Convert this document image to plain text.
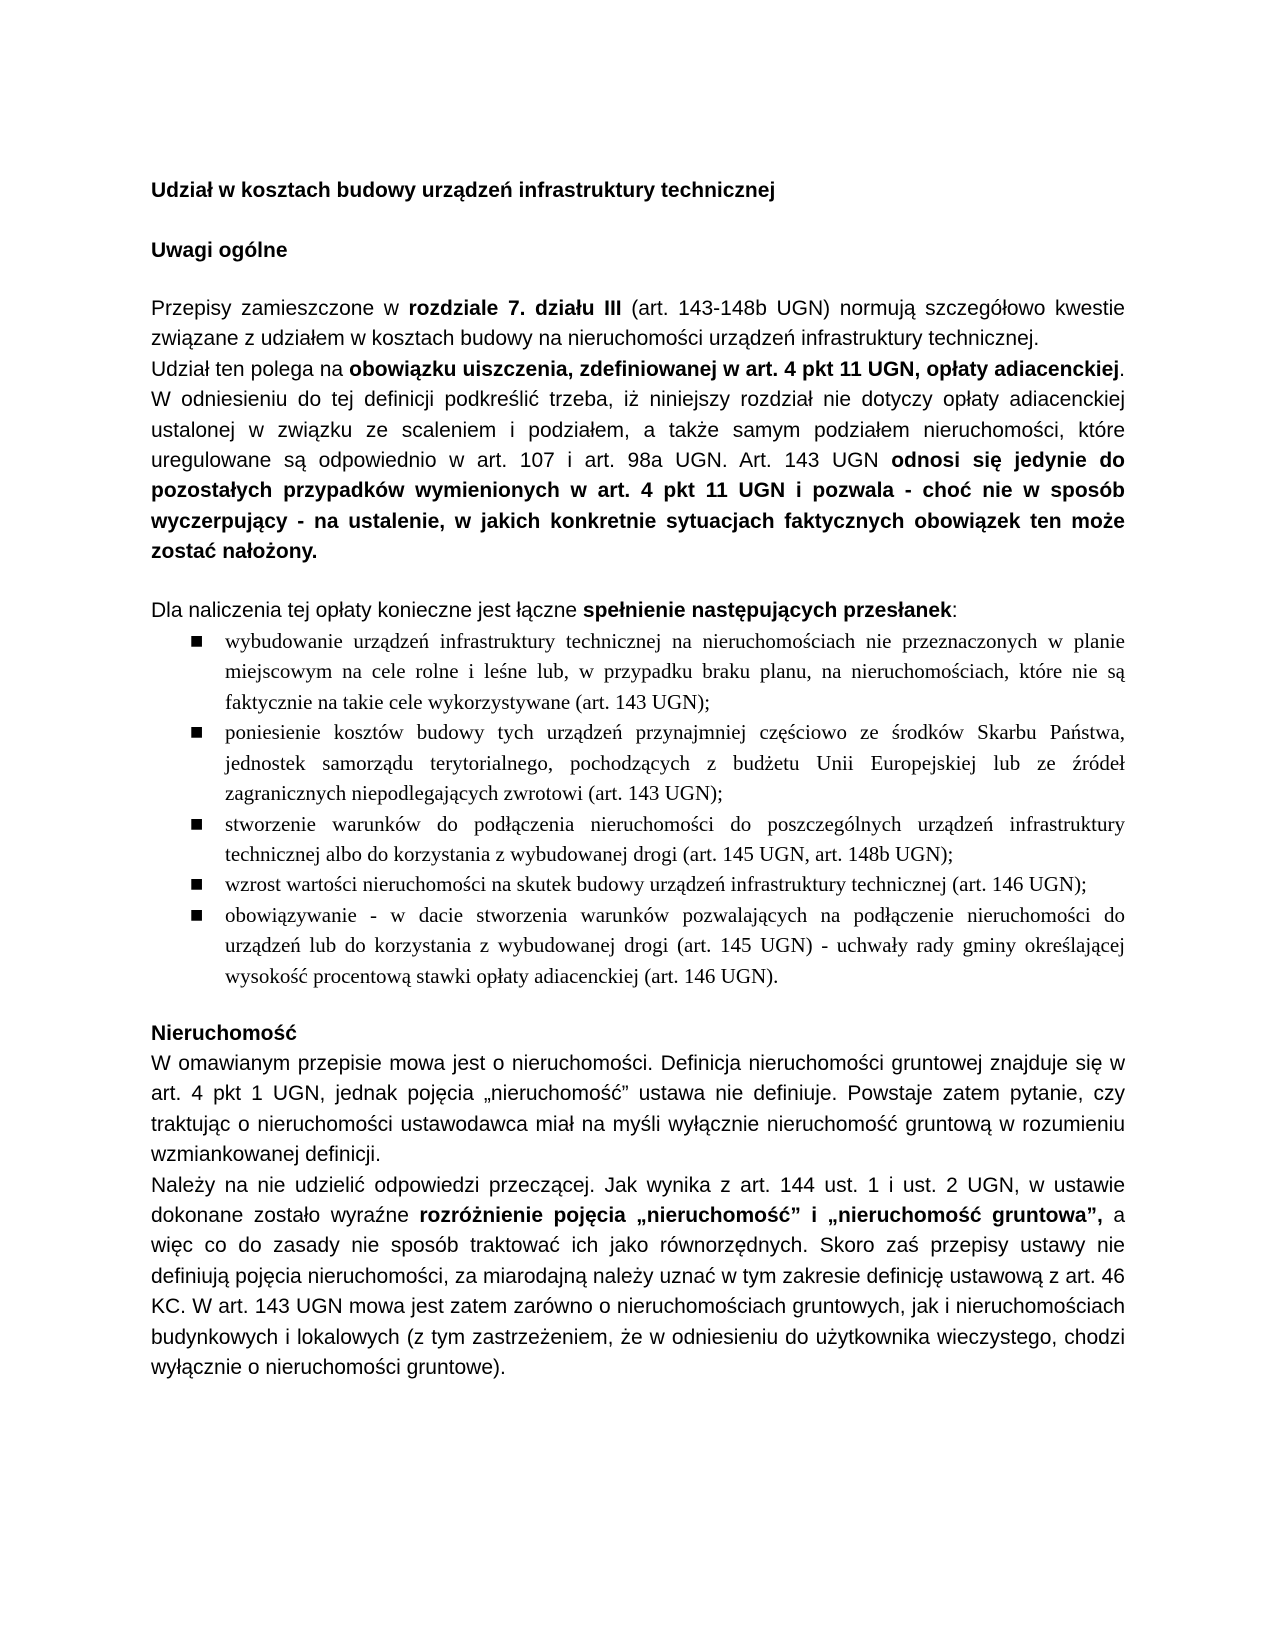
Udział w kosztach budowy urządzeń infrastruktury technicznej
Uwagi ogólne

Przepisy zamieszczone w rozdziale 7. działu III (art. 143-148b UGN) normują szczegółowo kwestie związane z udziałem w kosztach budowy na nieruchomości urządzeń infrastruktury technicznej.

Udział ten polega na obowiązku uiszczenia, zdefiniowanej w art. 4 pkt 11 UGN, opłaty adiacenckiej. W odniesieniu do tej definicji podkreślić trzeba, iż niniejszy rozdział nie dotyczy opłaty adiacenckiej ustalonej w związku ze scaleniem i podziałem, a także samym podziałem nieruchomości, które uregulowane są odpowiednio w art. 107 i art. 98a UGN. Art. 143 UGN odnosi się jedynie do pozostałych przypadków wymienionych w art. 4 pkt 11 UGN i pozwala - choć nie w sposób wyczerpujący - na ustalenie, w jakich konkretnie sytuacjach faktycznych obowiązek ten może zostać nałożony.

Dla naliczenia tej opłaty konieczne jest łączne spełnienie następujących przesłanek:

■ wybudowanie urządzeń infrastruktury technicznej na nieruchomościach nie przeznaczonych w planie miejscowym na cele rolne i leśne lub, w przypadku braku planu, na nieruchomościach, które nie są faktycznie na takie cele wykorzystywane (art. 143 UGN);
■ poniesienie kosztów budowy tych urządzeń przynajmniej częściowo ze środków Skarbu Państwa, jednostek samorządu terytorialnego, pochodzących z budżetu Unii Europejskiej lub ze źródeł zagranicznych niepodlegających zwrotowi (art. 143 UGN);
■ stworzenie warunków do podłączenia nieruchomości do poszczególnych urządzeń infrastruktury technicznej albo do korzystania z wybudowanej drogi (art. 145 UGN, art. 148b UGN);
■ wzrost wartości nieruchomości na skutek budowy urządzeń infrastruktury technicznej (art. 146 UGN);
■ obowiązywanie - w dacie stworzenia warunków pozwalających na podłączenie nieruchomości do urządzeń lub do korzystania z wybudowanej drogi (art. 145 UGN) - uchwały rady gminy określającej wysokość procentową stawki opłaty adiacenckiej (art. 146 UGN).
Nieruchomość

W omawianym przepisie mowa jest o nieruchomości. Definicja nieruchomości gruntowej znajduje się w art. 4 pkt 1 UGN, jednak pojęcia „nieruchomość” ustawa nie definiuje. Powstaje zatem pytanie, czy traktując o nieruchomości ustawodawca miał na myśli wyłącznie nieruchomość gruntową w rozumieniu wzmiankowanej definicji.

Należy na nie udzielić odpowiedzi przeczącej. Jak wynika z art. 144 ust. 1 i ust. 2 UGN, w ustawie dokonane zostało wyraźne rozróżnienie pojęcia „nieruchomość” i „nieruchomość gruntowa”, a więc co do zasady nie sposób traktować ich jako równorzędnych. Skoro zaś przepisy ustawy nie definiują pojęcia nieruchomości, za miarodajną należy uznać w tym zakresie definicję ustawową z art. 46 KC. W art. 143 UGN mowa jest zatem zarówno o nieruchomościach gruntowych, jak i nieruchomościach budynkowych i lokalowych (z tym zastrzeżeniem, że w odniesieniu do użytkownika wieczystego, chodzi wyłącznie o nieruchomości gruntowe).
